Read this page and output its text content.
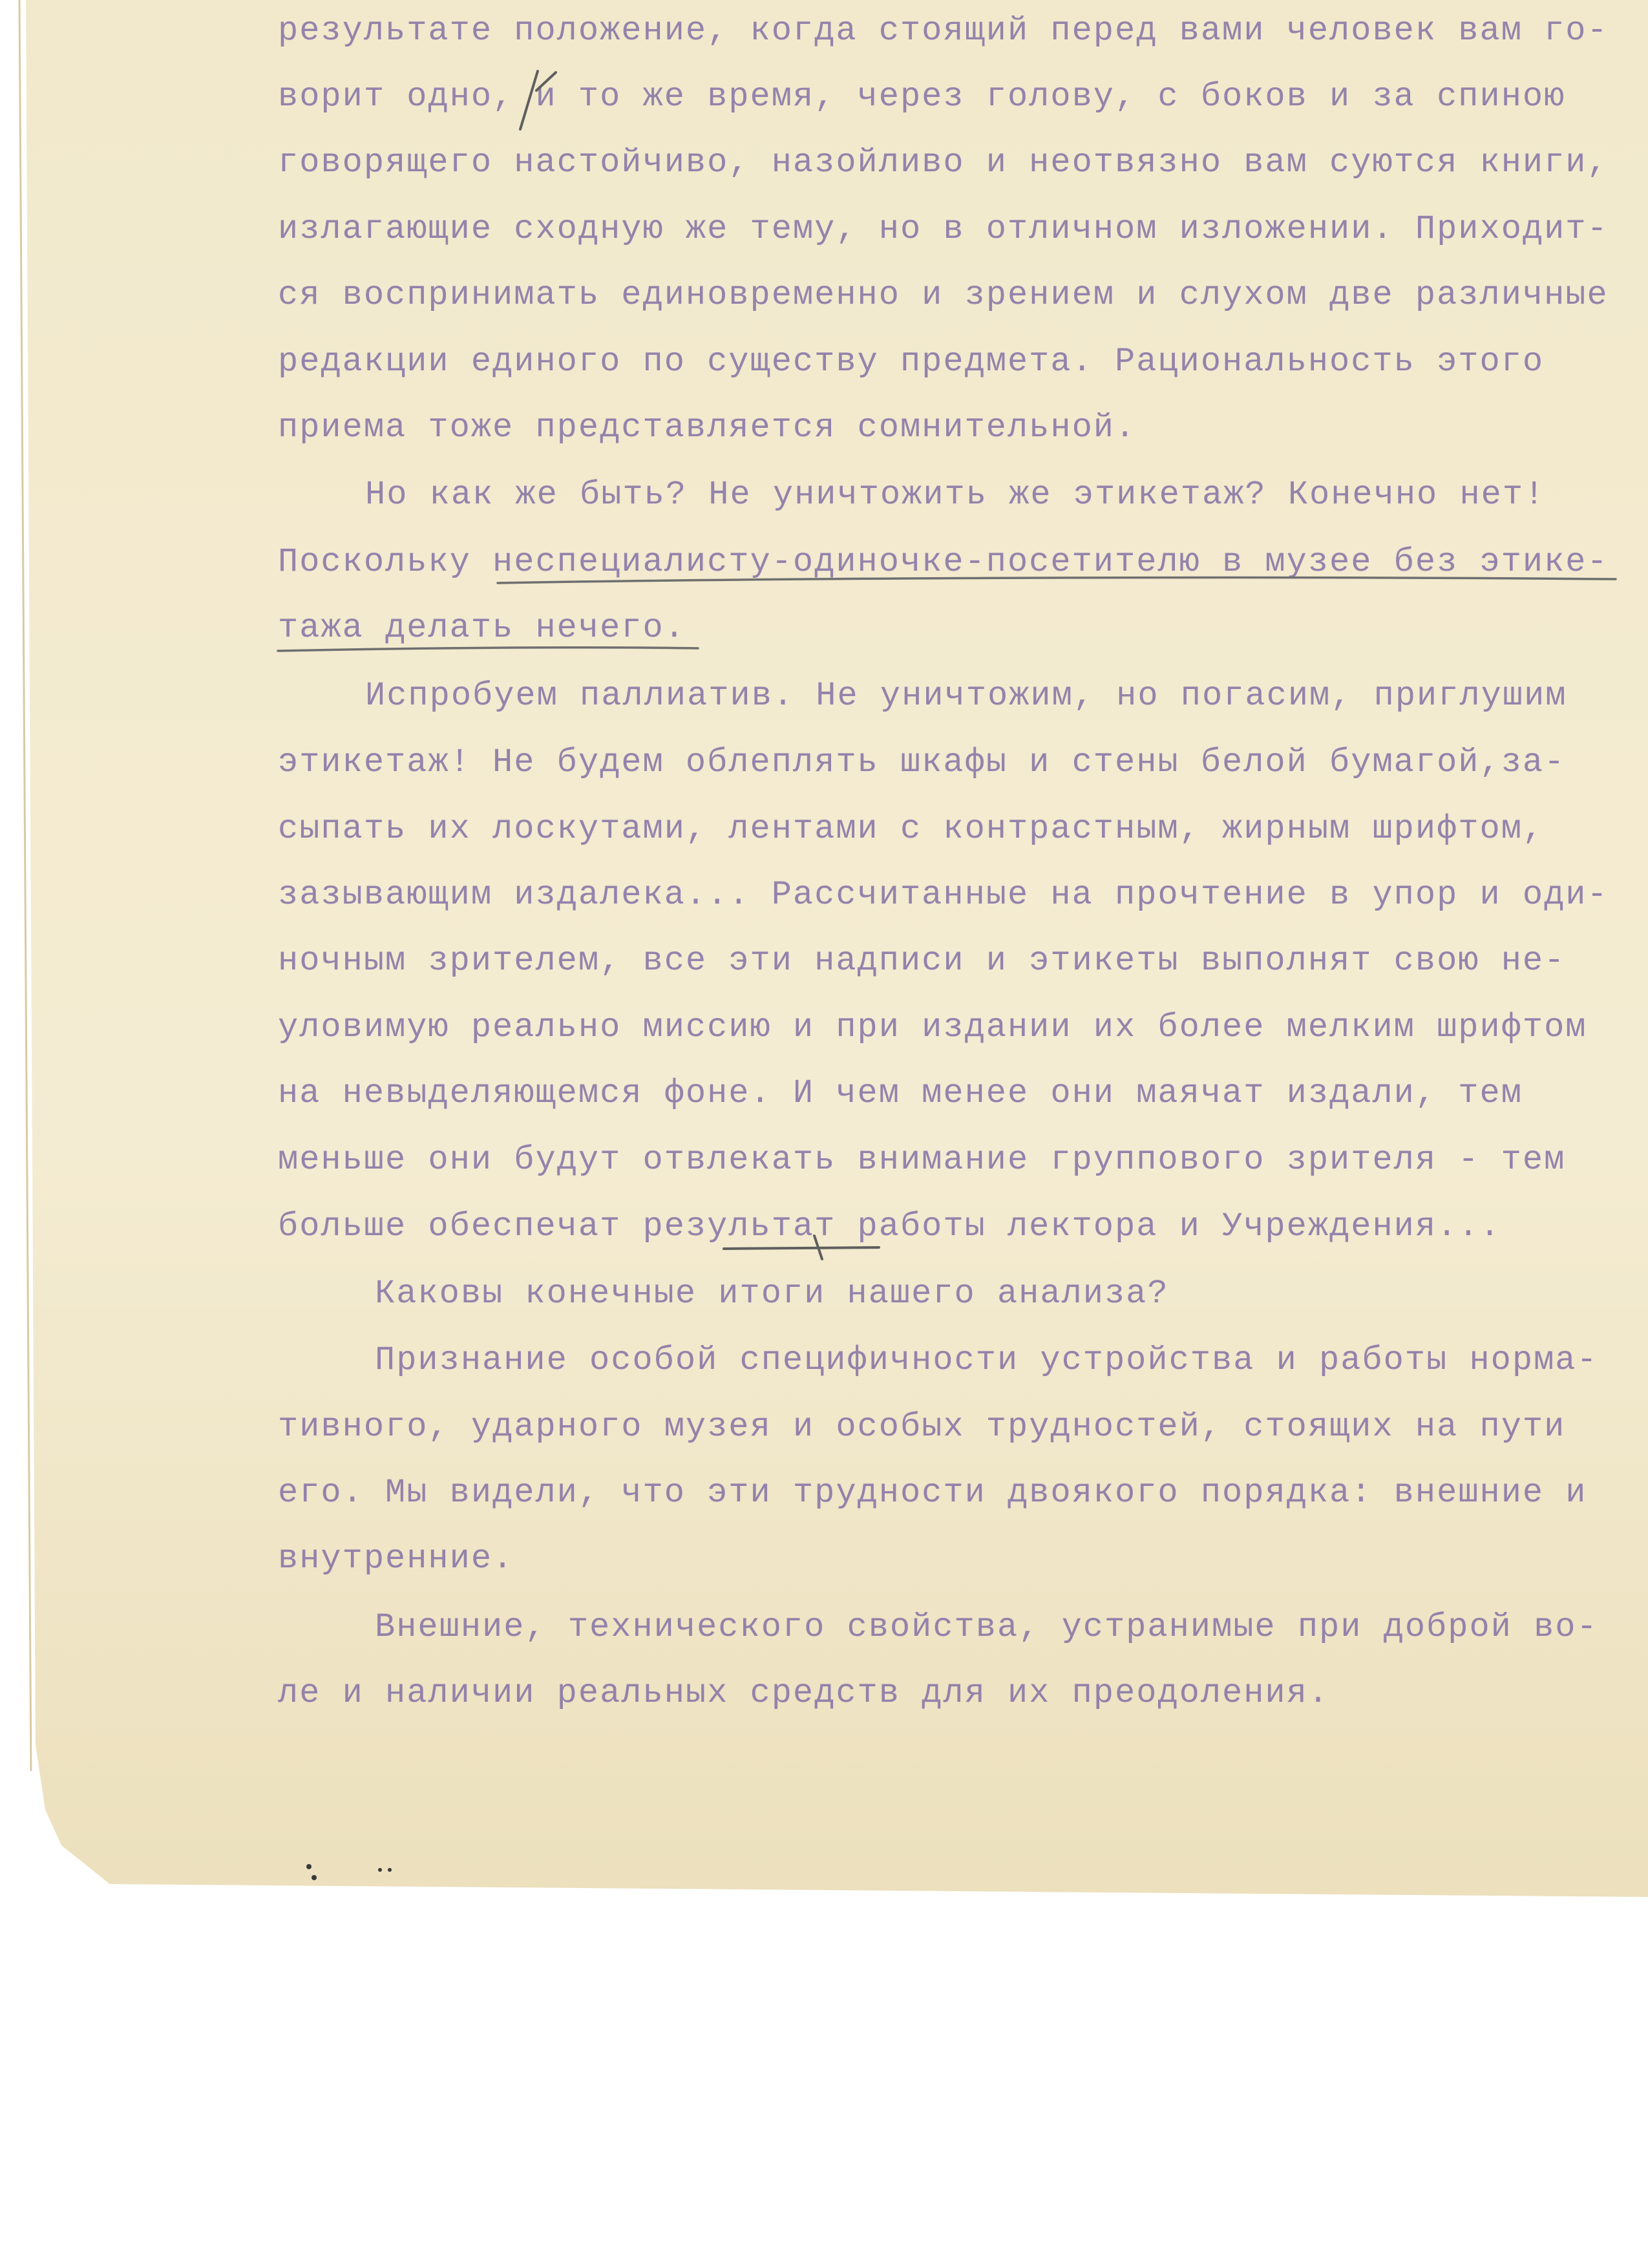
результате положение, когда стоящий перед вами человек вам го-
ворит одно, и то же время, через голову, с боков и за спиною
говорящего настойчиво, назойливо и неотвязно вам суются книги,
излагающие сходную же тему, но в отличном изложении. Приходит-
ся воспринимать единовременно и зрением и слухом две различные
редакции единого по существу предмета. Рациональность этого
приема тоже представляется сомнительной.
Но как же быть? Не уничтожить же этикетаж? Конечно нет!
Поскольку неспециалисту-одиночке-посетителю в музее без этике-
тажа делать нечего.
Испробуем паллиатив. Не уничтожим, но погасим, приглушим
этикетаж! Не будем облеплять шкафы и стены белой бумагой,за-
сыпать их лоскутами, лентами с контрастным, жирным шрифтом,
зазывающим издалека... Рассчитанные на прочтение в упор и оди-
ночным зрителем, все эти надписи и этикеты выполнят свою не-
уловимую реально миссию и при издании их более мелким шрифтом
на невыделяющемся фоне. И чем менее они маячат издали, тем
меньше они будут отвлекать внимание группового зрителя - тем
больше обеспечат результат работы лектора и Учреждения...
Каковы конечные итоги нашего анализа?
Признание особой специфичности устройства и работы норма-
тивного, ударного музея и особых трудностей, стоящих на пути
его. Мы видели, что эти трудности двоякого порядка: внешние и
внутренние.
Внешние, технического свойства, устранимые при доброй во-
ле и наличии реальных средств для их преодоления.
